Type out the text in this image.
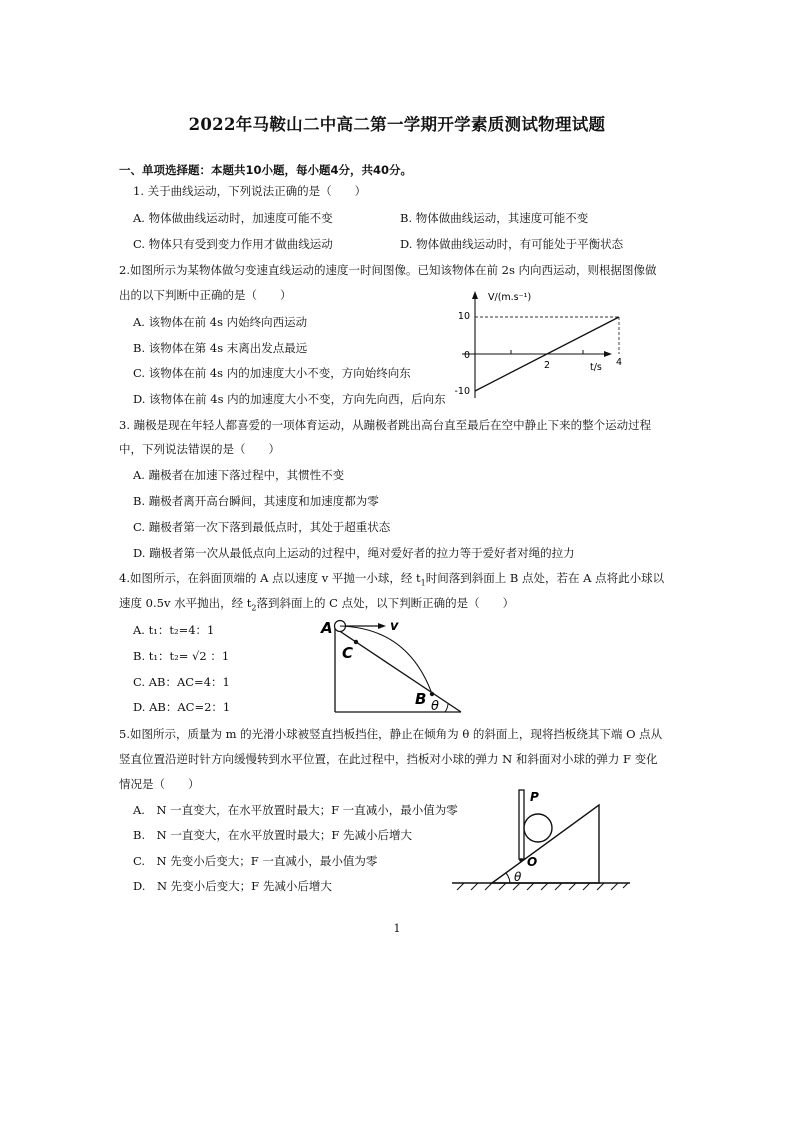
2022年马鞍山二中高二第一学期开学素质测试物理试题
一、单项选择题：本题共10小题，每小题4分，共40分。
1. 关于曲线运动，下列说法正确的是（　　）
A. 物体做曲线运动时，加速度可能不变	B. 物体做曲线运动，其速度可能不变
C. 物体只有受到变力作用才做曲线运动	D. 物体做曲线运动时，有可能处于平衡状态
2.如图所示为某物体做匀变速直线运动的速度一时间图像。已知该物体在前 2s 内向西运动，则根据图像做
出的以下判断中正确的是（　　）
A. 该物体在前 4s 内始终向西运动
B. 该物体在第 4s 末离出发点最远
C. 该物体在前 4s 内的加速度大小不变，方向始终向东
D. 该物体在前 4s 内的加速度大小不变，方向先向西，后向东
V/(m.s⁻¹)
t/s
10
0
-10
2	4
3. 蹦极是现在年轻人都喜爱的一项体育运动，从蹦极者跳出高台直至最后在空中静止下来的整个运动过程
中，下列说法错误的是（　　）
A. 蹦极者在加速下落过程中，其惯性不变
B. 蹦极者离开高台瞬间，其速度和加速度都为零
C. 蹦极者第一次下落到最低点时，其处于超重状态
D. 蹦极者第一次从最低点向上运动的过程中，绳对爱好者的拉力等于爱好者对绳的拉力
4.如图所示，在斜面顶端的 A 点以速度 v 平抛一小球，经 $t_1$时间落到斜面上 B 点处，若在 A 点将此小球以
速度 0.5v 水平抛出，经 $t_2$落到斜面上的 C 点处，以下判断正确的是（　　）
A. t₁：t₂=4：1
B. t₁：t₂= √2 ：1
C. AB：AC=4：1
D. AB：AC=2：1
A
C
B
v
θ
5.如图所示，质量为 m 的光滑小球被竖直挡板挡住，静止在倾角为 θ 的斜面上，现将挡板绕其下端 O 点从
竖直位置沿逆时针方向缓慢转到水平位置，在此过程中，挡板对小球的弹力 N 和斜面对小球的弹力 F 变化
情况是（　　）
A.　N 一直变大，在水平放置时最大；F 一直减小，最小值为零
B.　N 一直变大，在水平放置时最大；F 先减小后增大
C.　N 先变小后变大；F 一直减小，最小值为零
D.　N 先变小后变大；F 先减小后增大
P
O
θ
1
